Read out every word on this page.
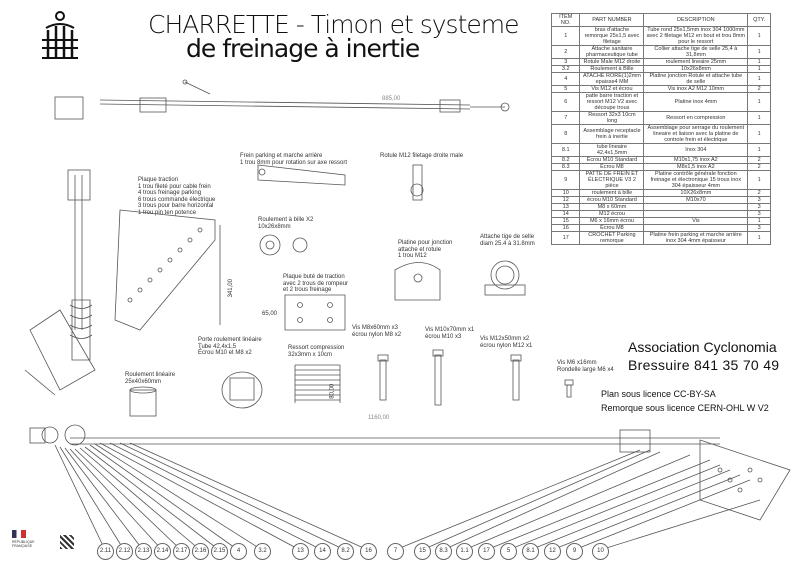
CHARRETTE - Timon et systeme
de freinage à inertie
ITEM NO.	PART NUMBER	DESCRIPTION	QTY.
1	bras d'attache remorque 25x1,5 avec filetage	Tube rond 25x1,5mm inox 304 1000mm avec 2 filetage M12 en bout et trou 8mm pour le ressort	1
2	Attache sanitaire pharmaceutique tube	Collier attache tige de selle 25,4 à 31,8mm	1
3	Rotule Male M12 droite	roulement lineaire 25mm	1
3.2	Roulement à Bille	10x26x8mm	1
4	ATACHE RORE(1)2mm epaisse4 MM	Platine jonction Rotule et attache tube de selle	1
5	Vis M12 et écrou	Vis inox A2 M12 10mm	2
6	patte barre traction et ressort M12 V2 avec découpe trous	Platine inox 4mm	1
7	Ressort 32x3 10cm long	Ressort en compression	1
8	Assemblage receptacle frein à inertie	Assemblage pour serrage du roulement lineaire et liaison avec la platine de controle frein et électrique	1
8.1	tube lineaire 42,4x1,5mm	Inox 304	1
8.2	Écrou M10 Standard	M10x1,75 inox A2	2
8.3	Écrou M8	M8x1,5 inox A2	2
9	PATTE DE FREIN ET ÉLECTRIQUE V3 2 pièce	Platine contrôle générale fonction freinage et électronique 15 trous inox 304 épaisseur 4mm	1
10	roulement à bille	10X26x8mm	2
12	écrou M10 Standard	M10x70	3
13	M8 x 60mm		3
14	M12 écrou		3
15	M6 x 16mm écrou	Vis	1
16	Écrou M8		3
17	CROCHET Parking remorque	Platine frein parking et marche arrière inox 304 4mm épaisseur	1
Association Cyclonomia
Bressuire 841 35 70 49
Plan sous licence CC-BY-SA
Remorque sous licence CERN-OHL W V2
Frein parking et marche arrière
1 trou 8mm pour rotation sur axe ressort
Rotule M12 filetage droite male
Plaque traction
1 trou fileté pour cable frein
4 trous freinage parking
6 trous commande électrique
3 trous pour barre horizontal
1 trou pin ten potence
Roulement à bille X2
10x26x8mm
Platine pour jonction
attache et rotule
1 trou M12
Attache tige de selle
diam 25.4 à 31.8mm
Plaque buté de traction
avec 2 trous de rompeur
et 2 trous freinage
Porte roulement linéaire
Tube 42,4x1,5
Écrou M10 et M8 x2
Ressort compression
32x3mm x 10cm
Vis M8x60mm x3
écrou nylon M8 x2
Vis M10x70mm x1
écrou M10 x3	Vis M12x50mm x2
écrou nylon M12 x1
Vis M6 x16mm
Rondelle large M6 x4
Roulement linéaire
25x40x60mm
341,00
65,00
80,00
885,00
1160,00
RÉPUBLIQUE FRANÇAISE
2.11	2.12	2.13	2.14	2.17	2.16	2.15	4	3.2	13	14	8.2	16	7	15	8.3	1.1	17	5	8.1	12	9	10
